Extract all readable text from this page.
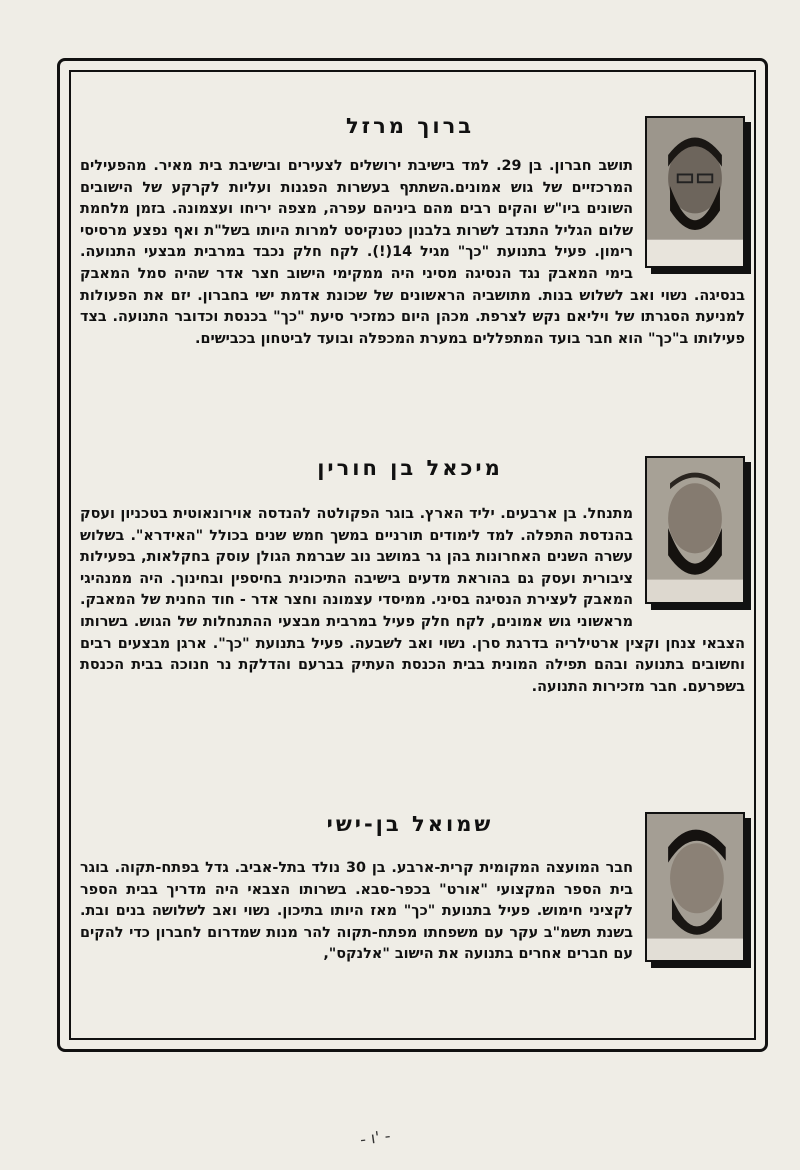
ברוך מרזל

תושב חברון. בן 29. למד בישיבת ירושלים לצעירים ובישיבת בית מאיר. מהפעילים המרכזיים של גוש אמונים.השתתף בעשרות הפגנות ועליות לקרקע של הישובים השונים ביו"ש והקים רבים מהם ביניהם עפרה, מצפה יריחו ועצמונה. בזמן מלחמת שלום הגליל התנדב לשרות בלבנון כטנקיסט למרות היותו בשל"ת ואף נפצע מרסיסי רימון. פעיל בתנועת "כך" מגיל 14(!). לקח חלק נכבד במרבית מבצעי התנועה. בימי המאבק נגד הנסיגה מסיני היה ממקימי הישוב חצר אדר שהיה סמל המאבק בנסיגה. נשוי ואב לשלוש בנות. מתושביה הראשונים של שכונת אדמת ישי בחברון. יזם את הפעולות למניעת הסגרתו של ויליאם נקש לצרפת. מכהן היום כמזכיר סיעת "כך" בכנסת וכדובר התנועה. בצד פעילותו ב"כך" הוא חבר בועד המתפללים במערת המכפלה ובועד לביטחון בכבישים.

מיכאל בן חורין

מתנחל. בן ארבעים. יליד הארץ. בוגר הפקולטה להנדסה אוירונאוטית בטכניון ועסק בהנדסת התפלה. למד לימודים תורניים במשך חמש שנים בכולל "האידרא". בשלוש עשרה השנים האחרונות בהן גר במושב נוב שברמת הגולן עוסק בחקלאות, בפעילות ציבורית ועסק גם בהוראת מדעים בישיבה התיכונית בחיספין ובחינוך. היה ממנהיגי המאבק לעצירת הנסיגה בסיני. ממיסדי עצמונה וחצר אדר - חוד החנית של המאבק. מראשוני גוש אמונים, לקח חלק פעיל במרבית מבצעי ההתנחלות של הגוש. בשרותו הצבאי צנחן וקצין ארטילריה בדרגת סרן. נשוי ואב לשבעה. פעיל בתנועת "כך". ארגן מבצעים רבים וחשובים בתנועה ובהם תפילה המונית בבית הכנסת העתיק בברעם והדלקת נר חנוכה בבית הכנסת בשפרעם. חבר מזכירות התנועה.

שמואל בן-ישי

חבר המועצה המקומית קרית-ארבע. בן 30 נולד בתל-אביב. גדל בפתח-תקוה. בוגר בית הספר המקצועי "אורט" בכפר-סבא. בשרותו הצבאי היה מדריך בבית הספר לקציני חימוש. פעיל בתנועת "כך" מאז היותו בתיכון. נשוי ואב לשלושה בנים ובת. בשנת תשמ"ב עקר עם משפחתו מפתח-תקוה להר מנות שמדרום לחברון כדי להקים עם חברים אחרים בתנועה את הישוב "אלנקס",

- ו' -
